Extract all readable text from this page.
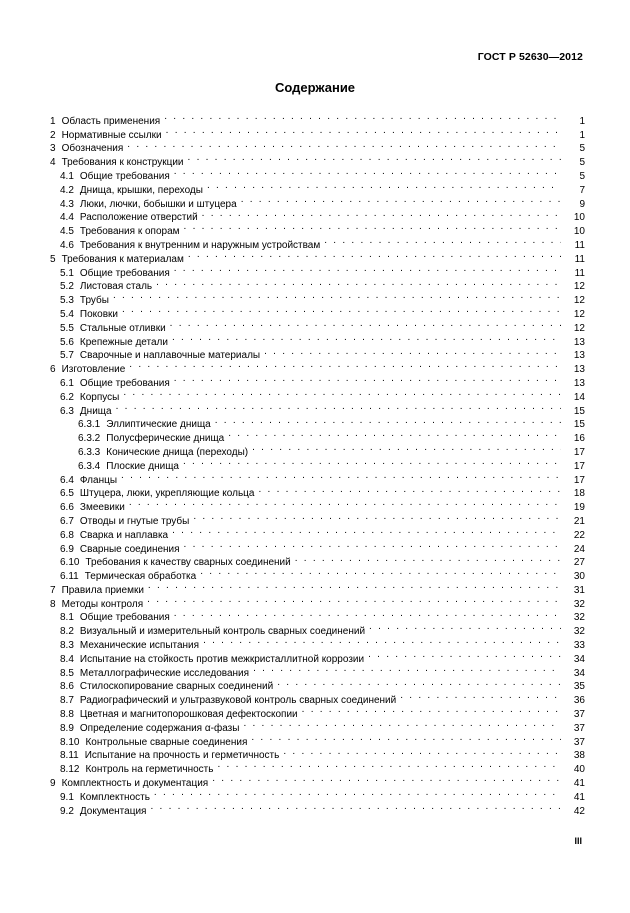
ГОСТ Р 52630—2012
Содержание
1 Область применения . . .	1
2 Нормативные ссылки . . .	1
3 Обозначения . . .	5
4 Требования к конструкции . . .	5
4.1 Общие требования . . .	5
4.2 Днища, крышки, переходы . . .	7
4.3 Люки, лючки, бобышки и штуцера . . .	9
4.4 Расположение отверстий . . .	10
4.5 Требования к опорам . . .	10
4.6 Требования к внутренним и наружным устройствам . . .	11
5 Требования к материалам . . .	11
5.1 Общие требования . . .	11
5.2 Листовая сталь . . .	12
5.3 Трубы . . .	12
5.4 Поковки . . .	12
5.5 Стальные отливки . . .	12
5.6 Крепежные детали . . .	13
5.7 Сварочные и наплавочные материалы . . .	13
6 Изготовление . . .	13
6.1 Общие требования . . .	13
6.2 Корпусы . . .	14
6.3 Днища . . .	15
6.3.1 Эллиптические днища . . .	15
6.3.2 Полусферические днища . . .	16
6.3.3 Конические днища (переходы) . . .	17
6.3.4 Плоские днища . . .	17
6.4 Фланцы . . .	17
6.5 Штуцера, люки, укрепляющие кольца . . .	18
6.6 Змеевики . . .	19
6.7 Отводы и гнутые трубы . . .	21
6.8 Сварка и наплавка . . .	22
6.9 Сварные соединения . . .	24
6.10 Требования к качеству сварных соединений . . .	27
6.11 Термическая обработка . . .	30
7 Правила приемки . . .	31
8 Методы контроля . . .	32
8.1 Общие требования . . .	32
8.2 Визуальный и измерительный контроль сварных соединений . . .	32
8.3 Механические испытания . . .	33
8.4 Испытание на стойкость против межкристаллитной коррозии . . .	34
8.5 Металлографические исследования . . .	34
8.6 Стилоскопирование сварных соединений . . .	35
8.7 Радиографический и ультразвуковой контроль сварных соединений . . .	36
8.8 Цветная и магнитопорошковая дефектоскопии . . .	37
8.9 Определение содержания α-фазы . . .	37
8.10 Контрольные сварные соединения . . .	37
8.11 Испытание на прочность и герметичность . . .	38
8.12 Контроль на герметичность . . .	40
9 Комплектность и документация . . .	41
9.1 Комплектность . . .	41
9.2 Документация . . .	42
III
